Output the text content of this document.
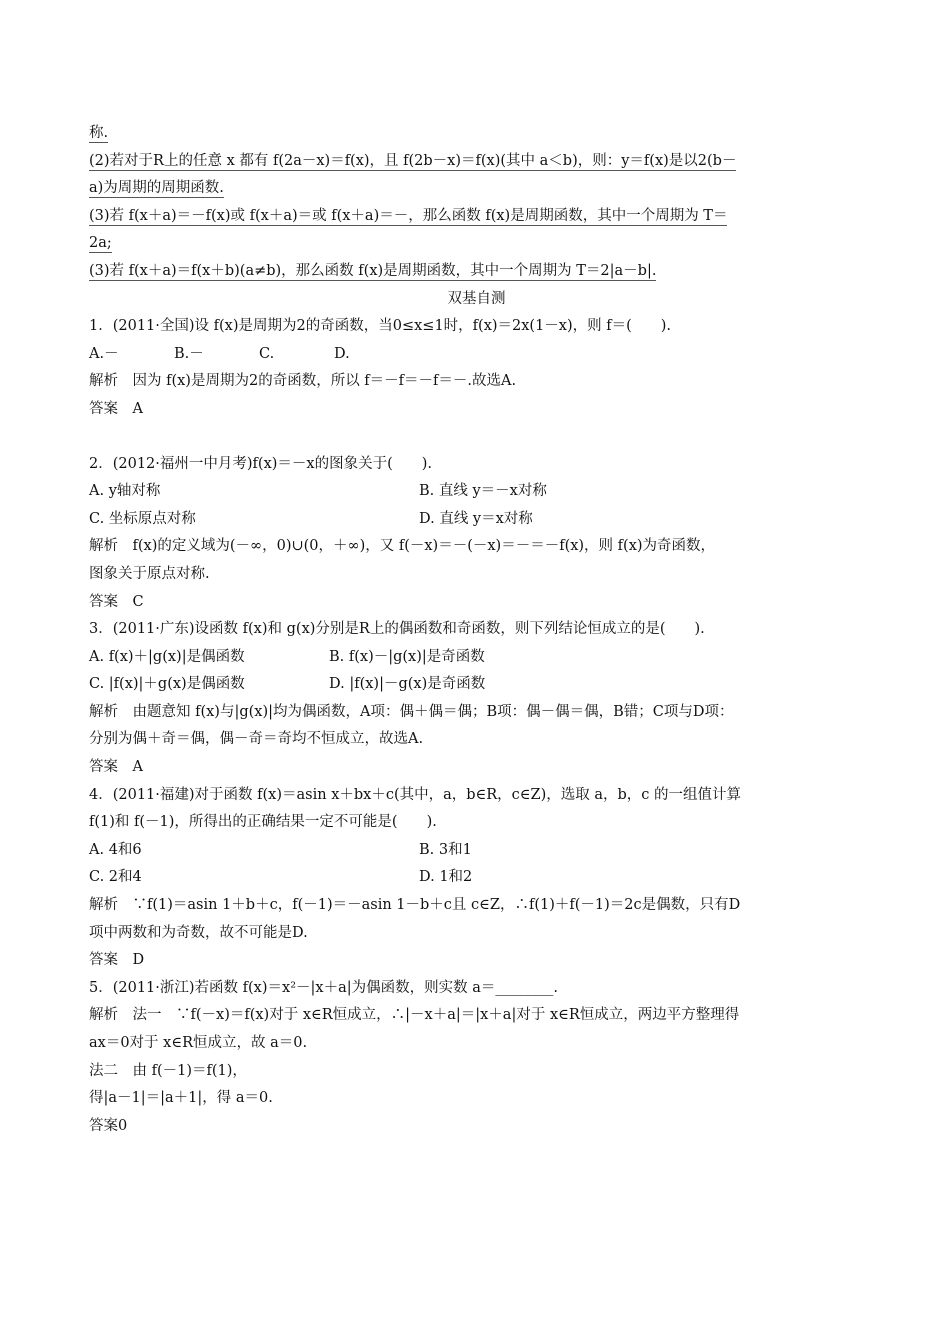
称.
(2)若对于R上的任意 x 都有 f(2a－x)＝f(x)，且 f(2b－x)＝f(x)(其中 a＜b)，则：y＝f(x)是以2(b－
a)为周期的周期函数.
(3)若 f(x＋a)＝－f(x)或 f(x＋a)＝或 f(x＋a)＝－，那么函数 f(x)是周期函数，其中一个周期为 T＝
2a;
(3)若 f(x＋a)＝f(x＋b)(a≠b)，那么函数 f(x)是周期函数，其中一个周期为 T＝2|a－b|.
双基自测
1．(2011·全国)设 f(x)是周期为2的奇函数，当0≤x≤1时，f(x)＝2x(1－x)，则 f＝(　　).
A.－	B.－	C.	D.
解析　因为 f(x)是周期为2的奇函数，所以 f＝－f＝－f＝－.故选A.
答案　A
2．(2012·福州一中月考)f(x)＝－x的图象关于(　　).
A. y轴对称	B. 直线 y＝－x对称
C. 坐标原点对称	D. 直线 y＝x对称
解析　f(x)的定义域为(－∞，0)∪(0，＋∞)，又 f(－x)＝－(－x)＝－＝－f(x)，则 f(x)为奇函数，
图象关于原点对称.
答案　C
3．(2011·广东)设函数 f(x)和 g(x)分别是R上的偶函数和奇函数，则下列结论恒成立的是(　　).
A. f(x)＋|g(x)|是偶函数	B. f(x)－|g(x)|是奇函数
C. |f(x)|＋g(x)是偶函数	D. |f(x)|－g(x)是奇函数
解析　由题意知 f(x)与|g(x)|均为偶函数，A项：偶＋偶＝偶；B项：偶－偶＝偶，B错；C项与D项：
分别为偶＋奇＝偶，偶－奇＝奇均不恒成立，故选A.
答案　A
4．(2011·福建)对于函数 f(x)＝asin x＋bx＋c(其中，a，b∈R，c∈Z)，选取 a，b，c 的一组值计算
f(1)和 f(－1)，所得出的正确结果一定不可能是(　　).
A. 4和6	B. 3和1
C. 2和4	D. 1和2
解析　∵f(1)＝asin 1＋b＋c，f(－1)＝－asin 1－b＋c且 c∈Z，∴f(1)＋f(－1)＝2c是偶数，只有D
项中两数和为奇数，故不可能是D.
答案　D
5．(2011·浙江)若函数 f(x)＝x²－|x＋a|为偶函数，则实数 a＝________.
解析　法一　∵f(－x)＝f(x)对于 x∈R恒成立，∴|－x＋a|＝|x＋a|对于 x∈R恒成立，两边平方整理得
ax＝0对于 x∈R恒成立，故 a＝0.
法二　由 f(－1)＝f(1)，
得|a－1|＝|a＋1|，得 a＝0.
答案0
